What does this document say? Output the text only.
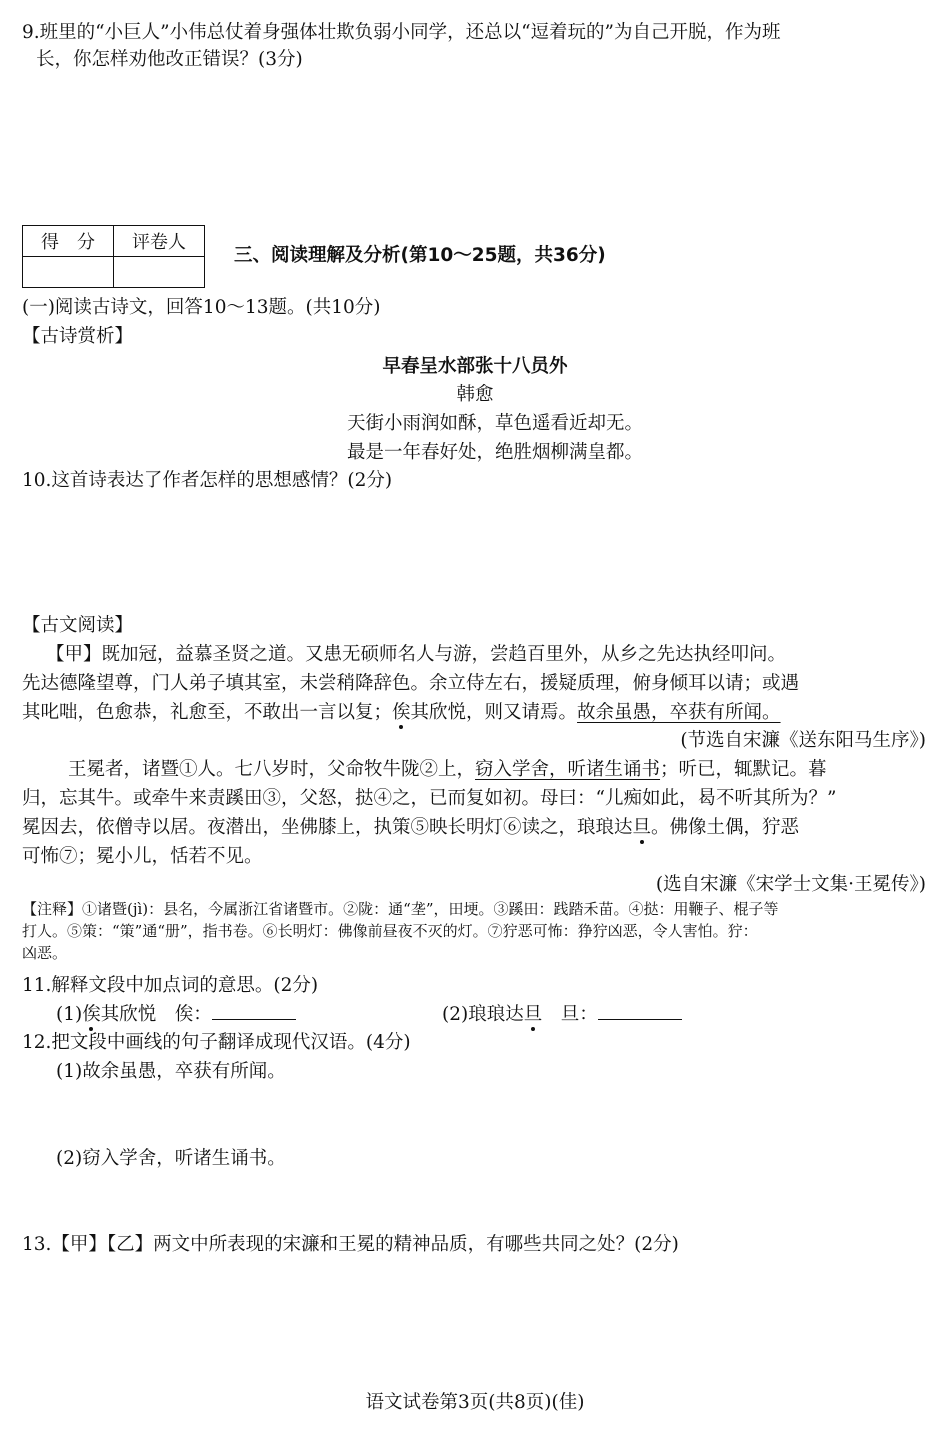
9.班里的“小巨人”小伟总仗着身强体壮欺负弱小同学，还总以“逗着玩的”为自己开脱，作为班
长，你怎样劝他改正错误？(3分)
得　分	评卷人

三、阅读理解及分析(第10～25题，共36分)
(一)阅读古诗文，回答10～13题。(共10分)
【古诗赏析】
早春呈水部张十八员外
韩愈
天街小雨润如酥，草色遥看近却无。
最是一年春好处，绝胜烟柳满皇都。
10.这首诗表达了作者怎样的思想感情？(2分)
【古文阅读】
【甲】既加冠，益慕圣贤之道。又患无硕师名人与游，尝趋百里外，从乡之先达执经叩问。
先达德隆望尊，门人弟子填其室，未尝稍降辞色。余立侍左右，援疑质理，俯身倾耳以请；或遇
其叱咄，色愈恭，礼愈至，不敢出一言以复；俟其欣悦，则又请焉。故余虽愚，卒获有所闻。
(节选自宋濂《送东阳马生序》)
王冕者，诸暨①人。七八岁时，父命牧牛陇②上，窃入学舍，听诸生诵书；听已，辄默记。暮
归，忘其牛。或牵牛来责蹊田③，父怒，挞④之，已而复如初。母曰：“儿痴如此，曷不听其所为？”
冕因去，依僧寺以居。夜潜出，坐佛膝上，执策⑤映长明灯⑥读之，琅琅达旦。佛像土偶，狞恶
可怖⑦；冕小儿，恬若不见。
(选自宋濂《宋学士文集·王冕传》)
【注释】①诸暨(jì)：县名，今属浙江省诸暨市。②陇：通“垄”，田埂。③蹊田：践踏禾苗。④挞：用鞭子、棍子等
打人。⑤策：“策”通“册”，指书卷。⑥长明灯：佛像前昼夜不灭的灯。⑦狞恶可怖：狰狞凶恶，令人害怕。狞：
凶恶。
11.解释文段中加点词的意思。(2分)
(1)俟其欣悦　俟：	(2)琅琅达旦　旦：
12.把文段中画线的句子翻译成现代汉语。(4分)
(1)故余虽愚，卒获有所闻。
(2)窃入学舍，听诸生诵书。
13.【甲】【乙】两文中所表现的宋濂和王冕的精神品质，有哪些共同之处？(2分)
语文试卷第3页(共8页)(佳)
